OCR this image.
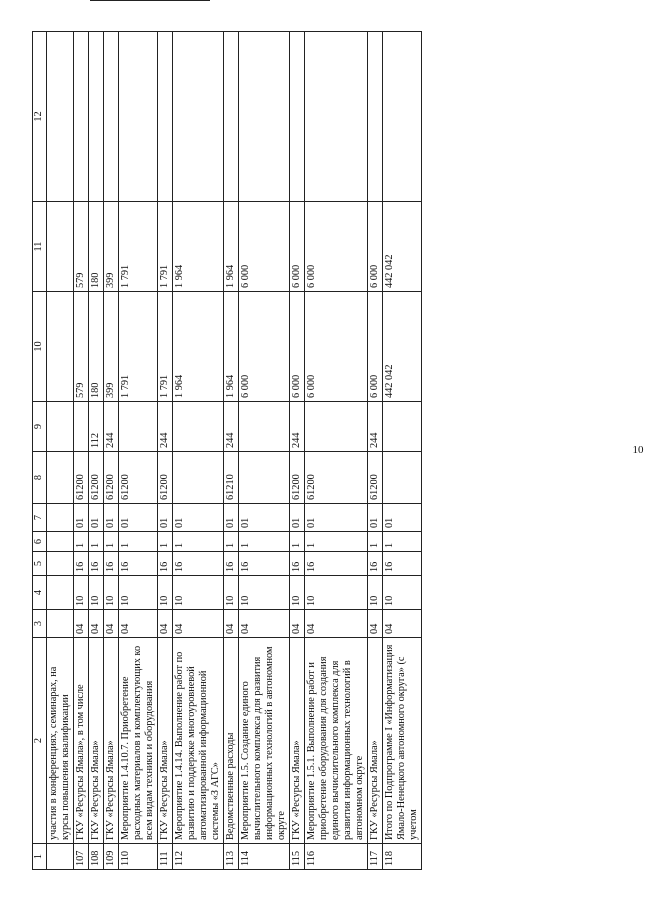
10
1	2	3	4	5	6	7	8	9	10	11	12
	участия в конференциях, семинарах, на курсы повышения квалификации										
107	ГКУ «Ресурсы Ямала», в том числе	04	10	16	1	01	61200		579	579	
108	ГКУ «Ресурсы Ямала»	04	10	16	1	01	61200	112	180	180	
109	ГКУ «Ресурсы Ямала»	04	10	16	1	01	61200	244	399	399	
110	Мероприятие 1.4.10.7. Приобретение расходных материалов и комплектующих ко всем видам техники и оборудования	04	10	16	1	01	61200		1 791	1 791	
111	ГКУ «Ресурсы Ямала»	04	10	16	1	01	61200	244	1 791	1 791	
112	Мероприятие 1.4.14. Выполнение работ по развитию и поддержке многоуровневой автоматизированной информационной системы «З АГС»	04	10	16	1	01			1 964	1 964	
113	Ведомственные расходы	04	10	16	1	01	61210	244	1 964	1 964	
114	Мероприятие 1.5. Создание единого вычислительного комплекса для развития информационных технологий в автономном округе	04	10	16	1	01			6 000	6 000	
115	ГКУ «Ресурсы Ямала»	04	10	16	1	01	61200	244	6 000	6 000	
116	Мероприятие 1.5.1. Выполнение работ и приобретение оборудования для создания единого вычислительного комплекса для развития информационных технологий в автономном округе	04	10	16	1	01	61200		6 000	6 000	
117	ГКУ «Ресурсы Ямала»	04	10	16	1	01	61200	244	6 000	6 000	
118	Итого по Подпрограмме I «Информатизация Ямало-Ненецкого автономного округа» (с учетом	04	10	16	1	01			442 042	442 042	
